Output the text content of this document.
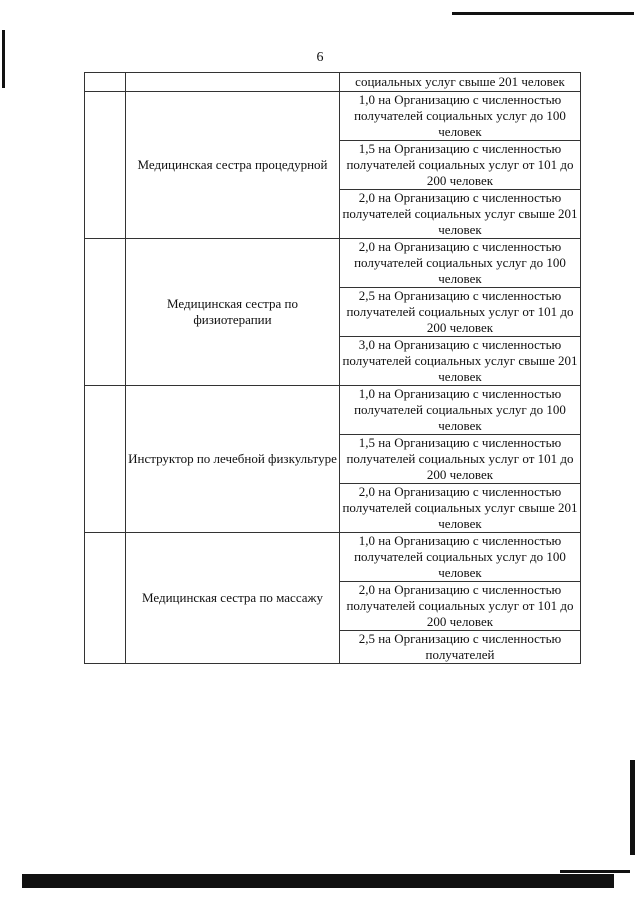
6
		социальных услуг свыше 201 человек
	Медицинская сестра процедурной	1,0 на Организацию с численностью получателей социальных услуг до 100 человек
		1,5 на Организацию с численностью получателей социальных услуг от 101 до 200 человек
		2,0 на Организацию с численностью получателей социальных услуг свыше 201 человек
	Медицинская сестра по физиотерапии	2,0 на Организацию с численностью получателей социальных услуг до 100 человек
		2,5 на Организацию с численностью получателей социальных услуг от 101 до 200 человек
		3,0 на Организацию с численностью получателей социальных услуг свыше 201 человек
	Инструктор по лечебной физкультуре	1,0 на Организацию с численностью получателей социальных услуг до 100 человек
		1,5 на Организацию с численностью получателей социальных услуг от 101 до 200 человек
		2,0 на Организацию с численностью получателей социальных услуг свыше 201 человек
	Медицинская сестра по массажу	1,0 на Организацию с численностью получателей социальных услуг до 100 человек
		2,0 на Организацию с численностью получателей социальных услуг от 101 до 200 человек
		2,5 на Организацию с численностью получателей
